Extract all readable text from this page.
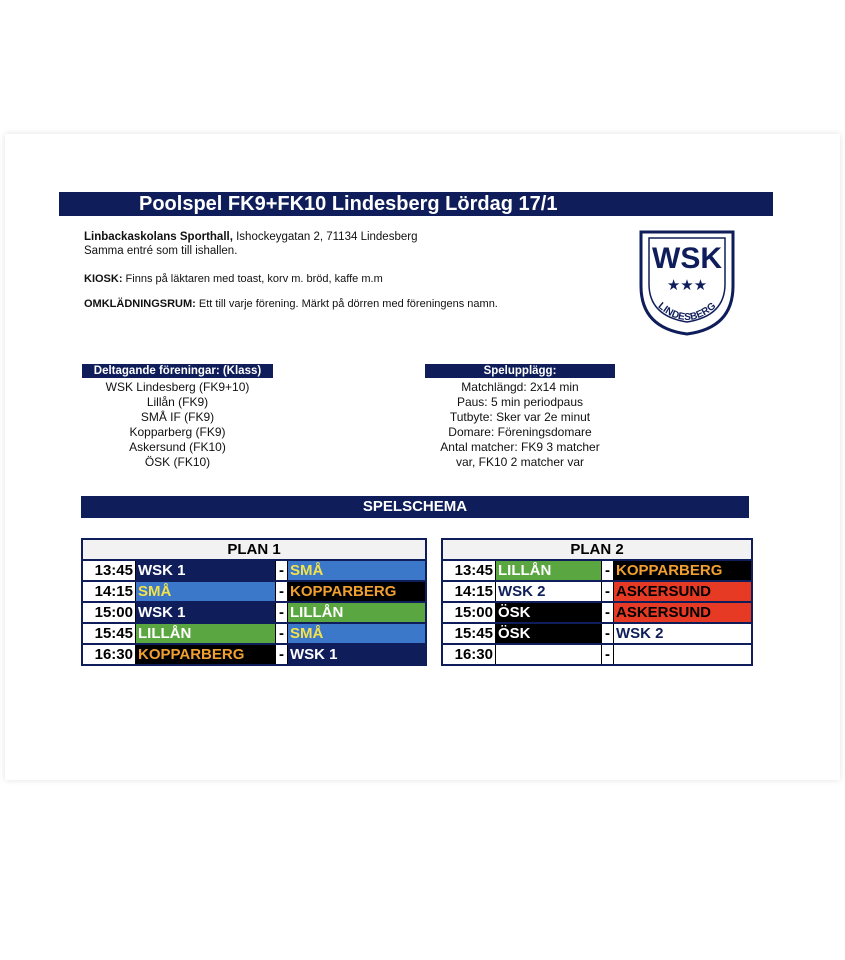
Poolspel FK9+FK10 Lindesberg Lördag 17/1

Linbackaskolans Sporthall, Ishockeygatan 2, 71134 Lindesberg

Samma entré som till ishallen.

KIOSK: Finns på läktaren med toast, korv m. bröd, kaffe m.m
OMKLÄDNINGSRUM: Ett till varje förening. Märkt på dörren med föreningens namn.
WSK
★★★
LINDESBERG
Deltagande föreningar: (Klass)
WSK Lindesberg (FK9+10)
Lillån (FK9)
SMÅ IF (FK9)
Kopparberg (FK9)
Askersund (FK10)
ÖSK (FK10)
Spelupplägg:
Matchlängd: 2x14 min
Paus: 5 min periodpaus
Tutbyte: Sker var 2e minut
Domare: Föreningsdomare
Antal matcher: FK9 3 matcher
var, FK10 2 matcher var
SPELSCHEMA
PLAN 1
13:45 WSK 1	- SMÅ
14:15 SMÅ	- KOPPARBERG
15:00 WSK 1	- LILLÅN
15:45 LILLÅN	- SMÅ
16:30 KOPPARBERG	- WSK 1
PLAN 2
13:45 LILLÅN	- KOPPARBERG
14:15 WSK 2	- ASKERSUND
15:00 ÖSK	- ASKERSUND
15:45 ÖSK	- WSK 2
16:30	-
